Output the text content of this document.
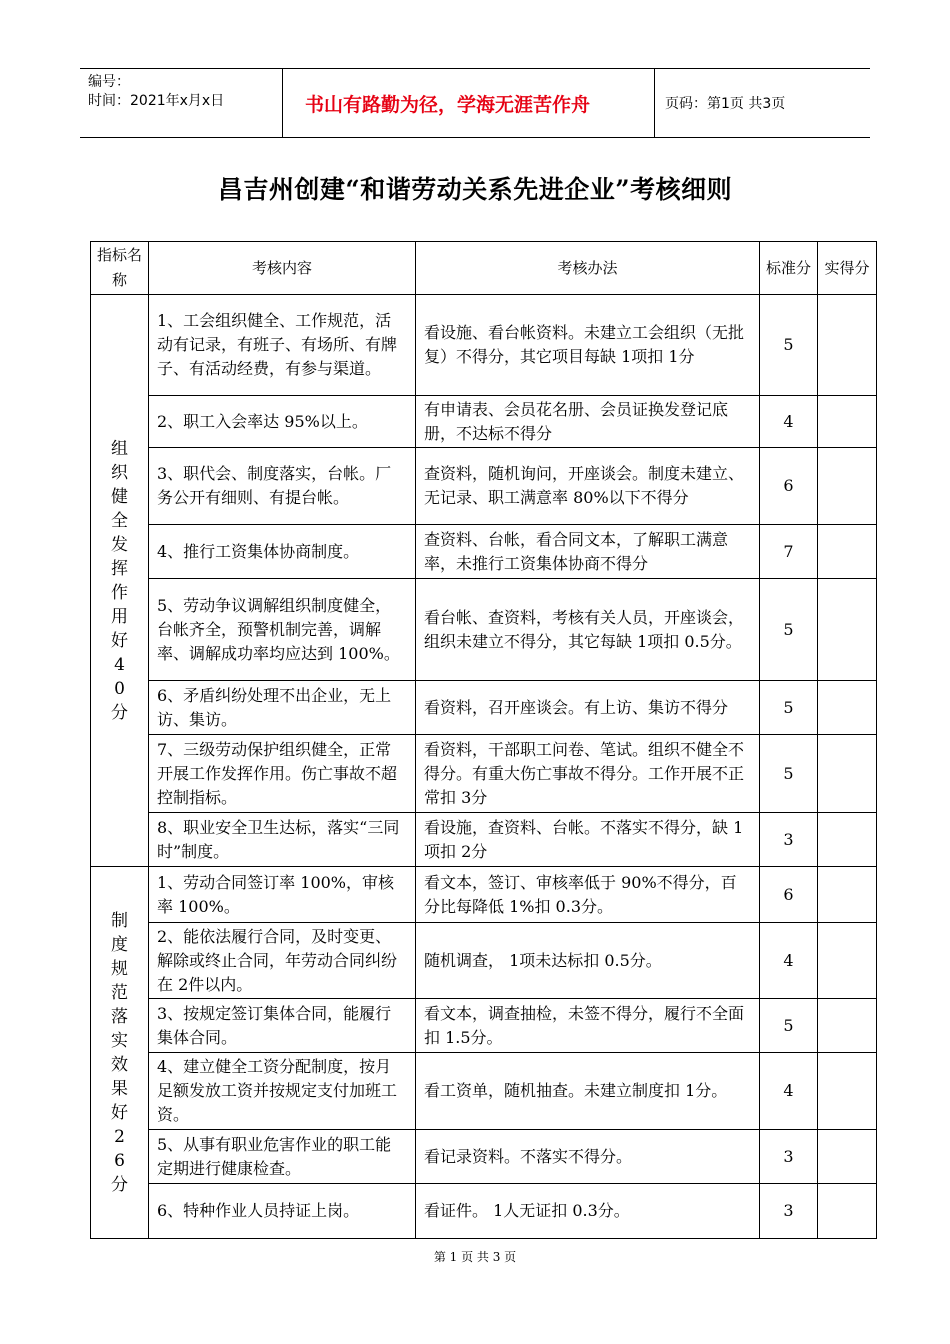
编号：
时间：2021年x月x日	书山有路勤为径，学海无涯苦作舟	页码：第1页 共3页
昌吉州创建“和谐劳动关系先进企业”考核细则
指标名称	考核内容	考核办法	标准分	实得分
组织健全发挥作用好40分	1、工会组织健全、工作规范，活动有记录，有班子、有场所、有牌子、有活动经费，有参与渠道。	看设施、看台帐资料。未建立工会组织（无批复）不得分，其它项目每缺 1项扣 1分	5	
	2、职工入会率达 95%以上。	有申请表、会员花名册、会员证换发登记底册，不达标不得分	4	
	3、职代会、制度落实，台帐。厂务公开有细则、有提台帐。	查资料，随机询问，开座谈会。制度未建立、无记录、职工满意率 80%以下不得分	6	
	4、推行工资集体协商制度。	查资料、台帐，看合同文本，了解职工满意率，未推行工资集体协商不得分	7	
	5、劳动争议调解组织制度健全，台帐齐全，预警机制完善，调解率、调解成功率均应达到 100%。	看台帐、查资料，考核有关人员，开座谈会，组织未建立不得分，其它每缺 1项扣 0.5分。	5	
	6、矛盾纠纷处理不出企业，无上访、集访。	看资料，召开座谈会。有上访、集访不得分	5	
	7、三级劳动保护组织健全，正常开展工作发挥作用。伤亡事故不超控制指标。	看资料，干部职工问卷、笔试。组织不健全不得分。有重大伤亡事故不得分。工作开展不正常扣 3分	5	
	8、职业安全卫生达标，落实“三同时”制度。	看设施，查资料、台帐。不落实不得分，缺 1项扣 2分	3	
制度规范落实效果好26分	1、劳动合同签订率 100%，审核率 100%。	看文本，签订、审核率低于 90%不得分，百分比每降低 1%扣 0.3分。	6	
	2、能依法履行合同，及时变更、解除或终止合同，年劳动合同纠纷在 2件以内。	随机调查， 1项未达标扣 0.5分。	4	
	3、按规定签订集体合同，能履行集体合同。	看文本，调查抽检，未签不得分，履行不全面扣 1.5分。	5	
	4、建立健全工资分配制度，按月足额发放工资并按规定支付加班工资。	看工资单，随机抽查。未建立制度扣 1分。	4	
	5、从事有职业危害作业的职工能定期进行健康检查。	看记录资料。不落实不得分。	3	
	6、特种作业人员持证上岗。	看证件。 1人无证扣 0.3分。	3	
第 1 页 共 3 页
